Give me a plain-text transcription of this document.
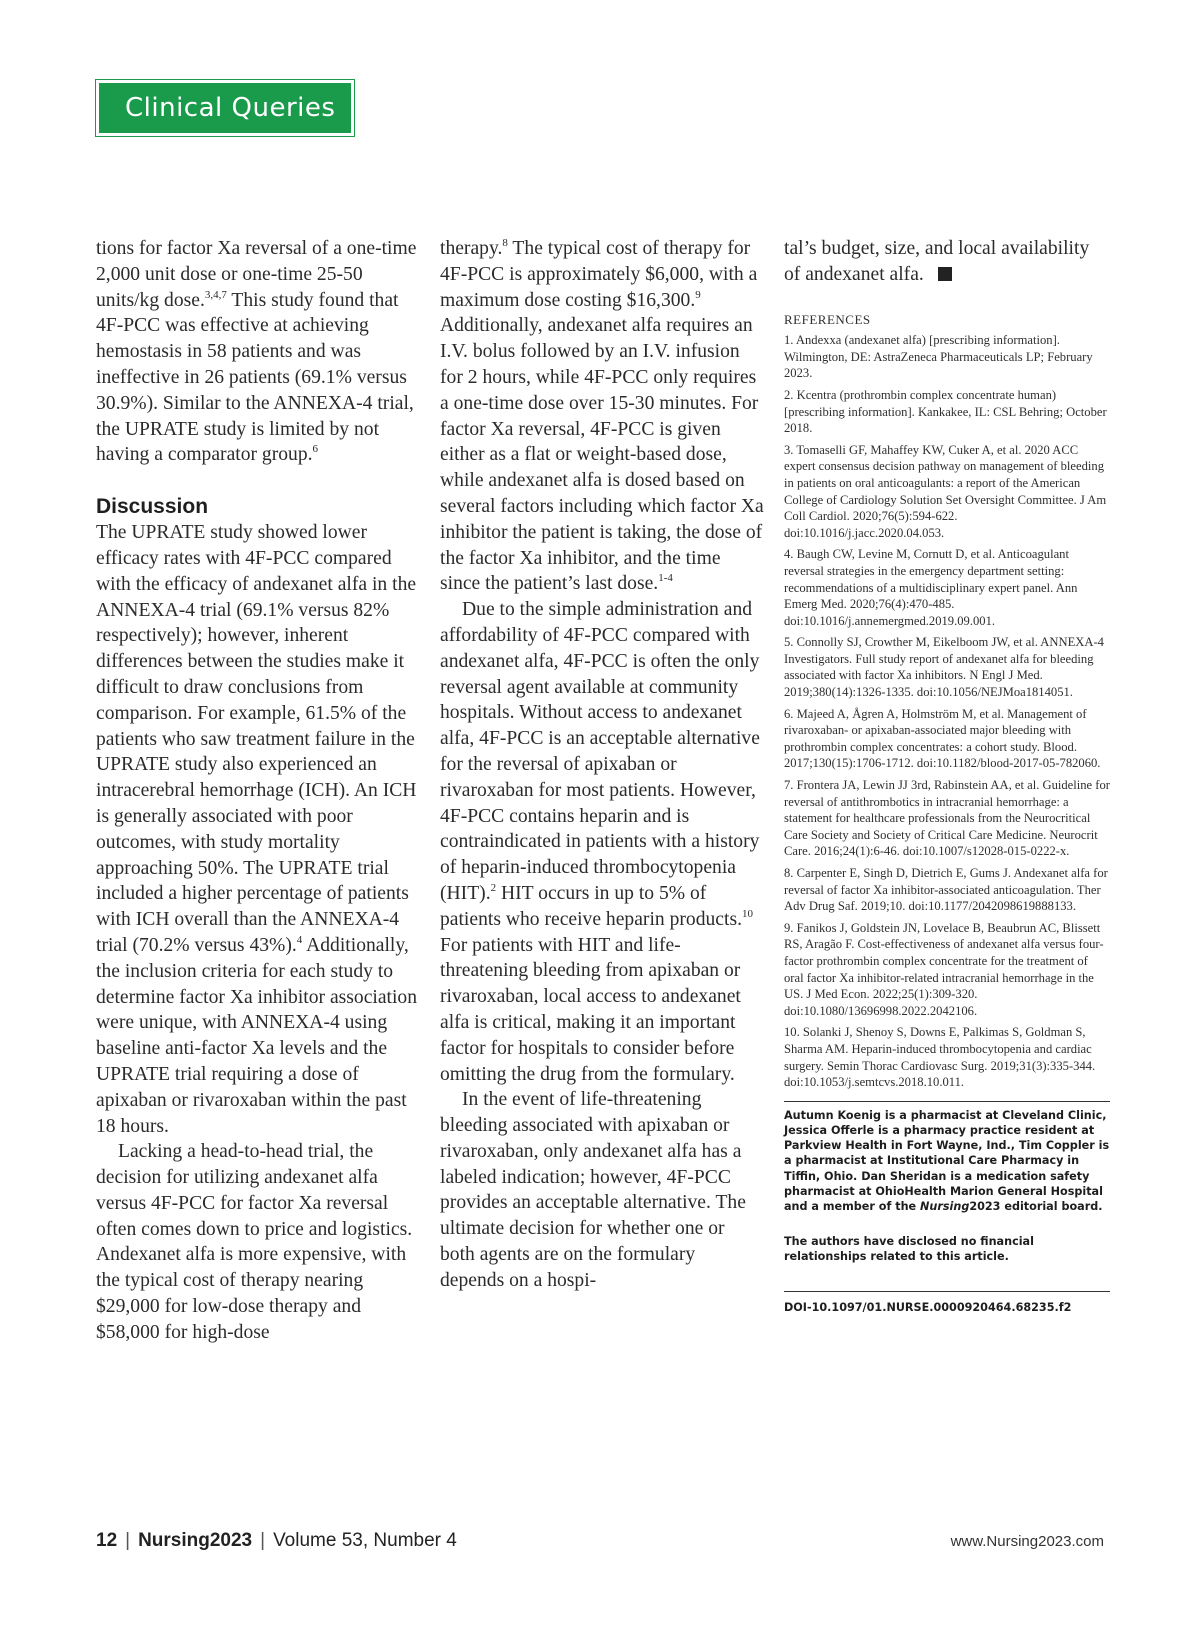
Clinical Queries

tions for factor Xa reversal of a one-time 2,000 unit dose or one-time 25-50 units/kg dose.$^{3,4,7}$ This study found that 4F-PCC was effective at achieving hemostasis in 58 patients and was ineffective in 26 patients (69.1% versus 30.9%). Similar to the ANNEXA-4 trial, the UPRATE study is limited by not having a comparator group.$^6$

Discussion

The UPRATE study showed lower efficacy rates with 4F-PCC compared with the efficacy of andexanet alfa in the ANNEXA-4 trial (69.1% versus 82% respectively); however, inherent differences between the studies make it difficult to draw conclusions from comparison. For example, 61.5% of the patients who saw treatment failure in the UPRATE study also experienced an intracerebral hemorrhage (ICH). An ICH is generally associated with poor outcomes, with study mortality approaching 50%. The UPRATE trial included a higher percentage of patients with ICH overall than the ANNEXA-4 trial (70.2% versus 43%).$^4$ Additionally, the inclusion criteria for each study to determine factor Xa inhibitor association were unique, with ANNEXA-4 using baseline anti-factor Xa levels and the UPRATE trial requiring a dose of apixaban or rivaroxaban within the past 18 hours.

Lacking a head-to-head trial, the decision for utilizing andexanet alfa versus 4F-PCC for factor Xa reversal often comes down to price and logistics. Andexanet alfa is more expensive, with the typical cost of therapy nearing $29,000 for low-dose therapy and $58,000 for high-dose

therapy.$^8$ The typical cost of therapy for 4F-PCC is approximately $6,000, with a maximum dose costing $16,300.$^9$ Additionally, andexanet alfa requires an I.V. bolus followed by an I.V. infusion for 2 hours, while 4F-PCC only requires a one-time dose over 15-30 minutes. For factor Xa reversal, 4F-PCC is given either as a flat or weight-based dose, while andexanet alfa is dosed based on several factors including which factor Xa inhibitor the patient is taking, the dose of the factor Xa inhibitor, and the time since the patient’s last dose.$^{1-4}$

Due to the simple administration and affordability of 4F-PCC compared with andexanet alfa, 4F-PCC is often the only reversal agent available at community hospitals. Without access to andexanet alfa, 4F-PCC is an acceptable alternative for the reversal of apixaban or rivaroxaban for most patients. However, 4F-PCC contains heparin and is contraindicated in patients with a history of heparin-induced thrombocytopenia (HIT).$^2$ HIT occurs in up to 5% of patients who receive heparin products.$^{10}$ For patients with HIT and life-threatening bleeding from apixaban or rivaroxaban, local access to andexanet alfa is critical, making it an important factor for hospitals to consider before omitting the drug from the formulary.

In the event of life-threatening bleeding associated with apixaban or rivaroxaban, only andexanet alfa has a labeled indication; however, 4F-PCC provides an acceptable alternative. The ultimate decision for whether one or both agents are on the formulary depends on a hospi-

tal’s budget, size, and local availability of andexanet alfa.

REFERENCES

1. Andexxa (andexanet alfa) [prescribing information]. Wilmington, DE: AstraZeneca Pharmaceuticals LP; February 2023.

2. Kcentra (prothrombin complex concentrate human) [prescribing information]. Kankakee, IL: CSL Behring; October 2018.

3. Tomaselli GF, Mahaffey KW, Cuker A, et al. 2020 ACC expert consensus decision pathway on management of bleeding in patients on oral anticoagulants: a report of the American College of Cardiology Solution Set Oversight Committee. J Am Coll Cardiol. 2020;76(5):594-622. doi:10.1016/j.jacc.2020.04.053.

4. Baugh CW, Levine M, Cornutt D, et al. Anticoagulant reversal strategies in the emergency department setting: recommendations of a multidisciplinary expert panel. Ann Emerg Med. 2020;76(4):470-485. doi:10.1016/j.annemergmed.2019.09.001.

5. Connolly SJ, Crowther M, Eikelboom JW, et al. ANNEXA-4 Investigators. Full study report of andexanet alfa for bleeding associated with factor Xa inhibitors. N Engl J Med. 2019;380(14):1326-1335. doi:10.1056/NEJMoa1814051.

6. Majeed A, Ågren A, Holmström M, et al. Management of rivaroxaban- or apixaban-associated major bleeding with prothrombin complex concentrates: a cohort study. Blood. 2017;130(15):1706-1712. doi:10.1182/blood-2017-05-782060.

7. Frontera JA, Lewin JJ 3rd, Rabinstein AA, et al. Guideline for reversal of antithrombotics in intracranial hemorrhage: a statement for healthcare professionals from the Neurocritical Care Society and Society of Critical Care Medicine. Neurocrit Care. 2016;24(1):6-46. doi:10.1007/s12028-015-0222-x.

8. Carpenter E, Singh D, Dietrich E, Gums J. Andexanet alfa for reversal of factor Xa inhibitor-associated anticoagulation. Ther Adv Drug Saf. 2019;10. doi:10.1177/2042098619888133.

9. Fanikos J, Goldstein JN, Lovelace B, Beaubrun AC, Blissett RS, Aragão F. Cost-effectiveness of andexanet alfa versus four-factor prothrombin complex concentrate for the treatment of oral factor Xa inhibitor-related intracranial hemorrhage in the US. J Med Econ. 2022;25(1):309-320. doi:10.1080/13696998.2022.2042106.

10. Solanki J, Shenoy S, Downs E, Palkimas S, Goldman S, Sharma AM. Heparin-induced thrombocytopenia and cardiac surgery. Semin Thorac Cardiovasc Surg. 2019;31(3):335-344. doi:10.1053/j.semtcvs.2018.10.011.

Autumn Koenig is a pharmacist at Cleveland Clinic, Jessica Offerle is a pharmacy practice resident at Parkview Health in Fort Wayne, Ind., Tim Coppler is a pharmacist at Institutional Care Pharmacy in Tiffin, Ohio. Dan Sheridan is a medication safety pharmacist at OhioHealth Marion General Hospital and a member of the Nursing2023 editorial board.
The authors have disclosed no financial relationships related to this article.
DOI-10.1097/01.NURSE.0000920464.68235.f2
12 | Nursing2023 | Volume 53, Number 4	www.Nursing2023.com
